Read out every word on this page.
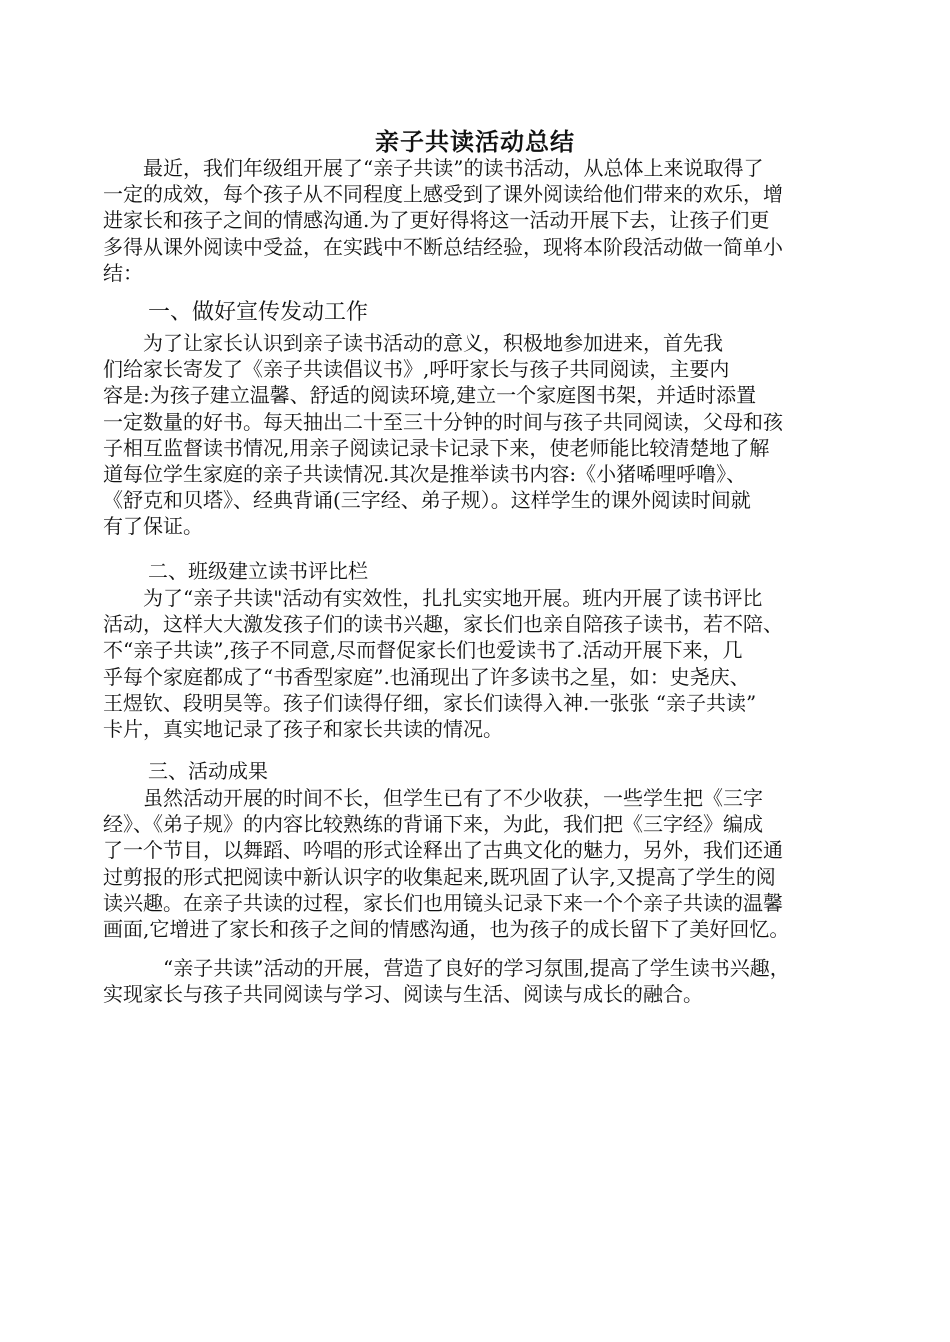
亲子共读活动总结
　　最近，我们年级组开展了“亲子共读”的读书活动，从总体上来说取得了
一定的成效，每个孩子从不同程度上感受到了课外阅读给他们带来的欢乐，增
进家长和孩子之间的情感沟通.为了更好得将这一活动开展下去，让孩子们更
多得从课外阅读中受益，在实践中不断总结经验，现将本阶段活动做一简单小
结：
一、做好宣传发动工作
　　为了让家长认识到亲子读书活动的意义，积极地参加进来，首先我
们给家长寄发了《亲子共读倡议书》,呼吁家长与孩子共同阅读，主要内
容是:为孩子建立温馨、舒适的阅读环境,建立一个家庭图书架，并适时添置
一定数量的好书。每天抽出二十至三十分钟的时间与孩子共同阅读，父母和孩
子相互监督读书情况,用亲子阅读记录卡记录下来，使老师能比较清楚地了解
道每位学生家庭的亲子共读情况.其次是推举读书内容:《小猪唏哩呼噜》、
《舒克和贝塔》、经典背诵(三字经、弟子规）。这样学生的课外阅读时间就
有了保证。
二、班级建立读书评比栏
　　为了“亲子共读"活动有实效性，扎扎实实地开展。班内开展了读书评比
活动，这样大大激发孩子们的读书兴趣，家长们也亲自陪孩子读书，若不陪、
不“亲子共读”,孩子不同意,尽而督促家长们也爱读书了.活动开展下来，几
乎每个家庭都成了“书香型家庭”.也涌现出了许多读书之星，如：史尧庆、
王煜钦、段明昊等。孩子们读得仔细，家长们读得入神.一张张 “亲子共读”
卡片，真实地记录了孩子和家长共读的情况。
三、活动成果
　　虽然活动开展的时间不长，但学生已有了不少收获，一些学生把《三字
经》、《弟子规》的内容比较熟练的背诵下来，为此，我们把《三字经》编成
了一个节目，以舞蹈、吟唱的形式诠释出了古典文化的魅力，另外，我们还通
过剪报的形式把阅读中新认识字的收集起来,既巩固了认字,又提高了学生的阅
读兴趣。在亲子共读的过程，家长们也用镜头记录下来一个个亲子共读的温馨
画面,它增进了家长和孩子之间的情感沟通，也为孩子的成长留下了美好回忆。
　　　“亲子共读”活动的开展，营造了良好的学习氛围,提高了学生读书兴趣，
实现家长与孩子共同阅读与学习、阅读与生活、阅读与成长的融合。
